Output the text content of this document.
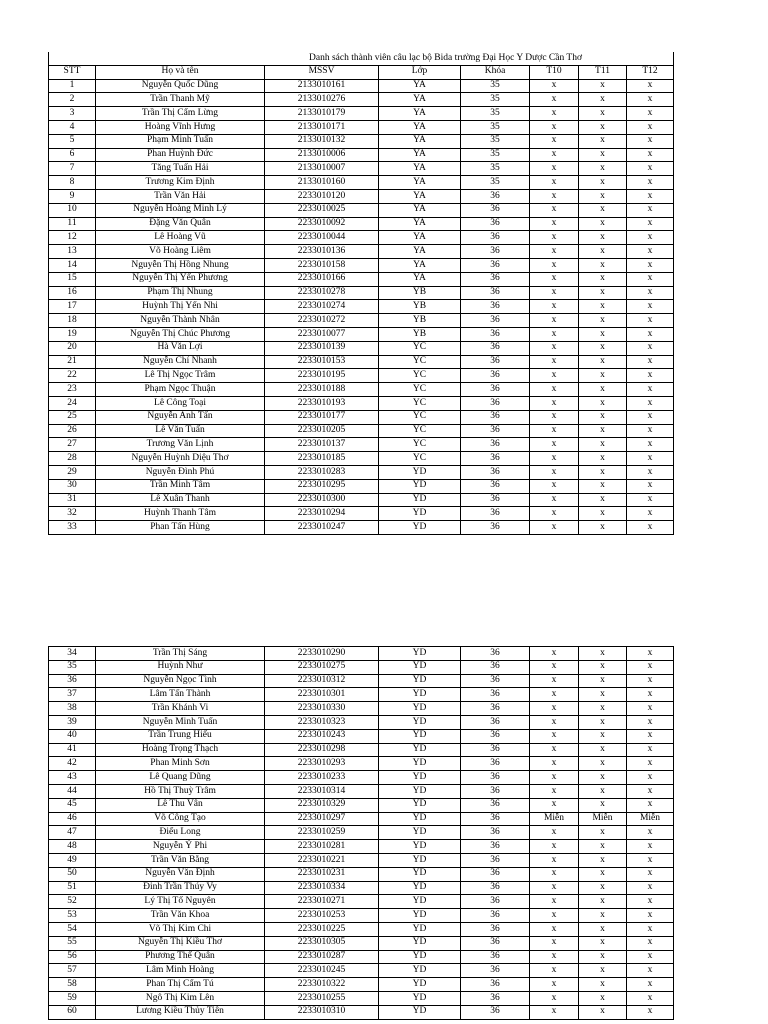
		Danh sách thành viên câu lạc bộ Bida trường Đại Học Y Dược Cần Thơ					
STT	Họ và tên	MSSV	Lớp	Khóa	T10	T11	T12
1	Nguyễn Quốc Dũng	2133010161	YA	35	x	x	x
2	Trần Thanh Mỹ	2133010276	YA	35	x	x	x
3	Trần Thị Cẩm Lừng	2133010179	YA	35	x	x	x
4	Hoàng Vĩnh Hưng	2133010171	YA	35	x	x	x
5	Phạm Minh Tuấn	2133010132	YA	35	x	x	x
6	Phan Huỳnh Đức	2133010006	YA	35	x	x	x
7	Tăng Tuấn Hải	2133010007	YA	35	x	x	x
8	Trương Kim Định	2133010160	YA	35	x	x	x
9	Trần Văn Hải	2233010120	YA	36	x	x	x
10	Nguyễn Hoàng Minh Lý	2233010025	YA	36	x	x	x
11	Đặng Văn Quân	2233010092	YA	36	x	x	x
12	Lê Hoàng Vũ	2233010044	YA	36	x	x	x
13	Võ Hoàng Liêm	2233010136	YA	36	x	x	x
14	Nguyễn Thị Hồng Nhung	2233010158	YA	36	x	x	x
15	Nguyễn Thị Yến Phương	2233010166	YA	36	x	x	x
16	Phạm Thị Nhung	2233010278	YB	36	x	x	x
17	Huỳnh Thị Yến Nhi	2233010274	YB	36	x	x	x
18	Nguyễn Thành Nhân	2233010272	YB	36	x	x	x
19	Nguyễn Thị Chúc Phương	2233010077	YB	36	x	x	x
20	Hà Văn Lợi	2233010139	YC	36	x	x	x
21	Nguyễn Chí Nhanh	2233010153	YC	36	x	x	x
22	Lê Thị Ngọc Trâm	2233010195	YC	36	x	x	x
23	Phạm Ngọc Thuận	2233010188	YC	36	x	x	x
24	Lê Công Toại	2233010193	YC	36	x	x	x
25	Nguyễn Anh Tấn	2233010177	YC	36	x	x	x
26	Lê Văn Tuấn	2233010205	YC	36	x	x	x
27	Trương Văn Lịnh	2233010137	YC	36	x	x	x
28	Nguyễn Huỳnh Diệu Thơ	2233010185	YC	36	x	x	x
29	Nguyễn Đình Phú	2233010283	YD	36	x	x	x
30	Trần Minh Tâm	2233010295	YD	36	x	x	x
31	Lê Xuân Thanh	2233010300	YD	36	x	x	x
32	Huỳnh Thanh Tâm	2233010294	YD	36	x	x	x
33	Phan Tấn Hùng	2233010247	YD	36	x	x	x
34	Trần Thị Sáng	2233010290	YD	36	x	x	x
35	Huỳnh Như	2233010275	YD	36	x	x	x
36	Nguyễn Ngọc Tình	2233010312	YD	36	x	x	x
37	Lâm Tấn Thành	2233010301	YD	36	x	x	x
38	Trần Khánh Vi	2233010330	YD	36	x	x	x
39	Nguyễn Minh Tuấn	2233010323	YD	36	x	x	x
40	Trần Trung Hiếu	2233010243	YD	36	x	x	x
41	Hoàng Trọng Thạch	2233010298	YD	36	x	x	x
42	Phan Minh Sơn	2233010293	YD	36	x	x	x
43	Lê Quang Dũng	2233010233	YD	36	x	x	x
44	Hồ Thị Thuỳ Trâm	2233010314	YD	36	x	x	x
45	Lê Thu Vân	2233010329	YD	36	x	x	x
46	Võ Công Tạo	2233010297	YD	36	Miễn	Miễn	Miễn
47	Điểu Long	2233010259	YD	36	x	x	x
48	Nguyễn Ý Phi	2233010281	YD	36	x	x	x
49	Trần Văn Bằng	2233010221	YD	36	x	x	x
50	Nguyễn Văn Định	2233010231	YD	36	x	x	x
51	Đinh Trần Thúy Vy	2233010334	YD	36	x	x	x
52	Lý Thị Tố Nguyên	2233010271	YD	36	x	x	x
53	Trần Văn Khoa	2233010253	YD	36	x	x	x
54	Võ Thị Kim Chi	2233010225	YD	36	x	x	x
55	Nguyễn Thị Kiều Thơ	2233010305	YD	36	x	x	x
56	Phương Thế Quân	2233010287	YD	36	x	x	x
57	Lâm Minh Hoàng	2233010245	YD	36	x	x	x
58	Phan Thị Cẩm Tú	2233010322	YD	36	x	x	x
59	Ngô Thị Kim Lên	2233010255	YD	36	x	x	x
60	Lương Kiều Thủy Tiên	2233010310	YD	36	x	x	x
